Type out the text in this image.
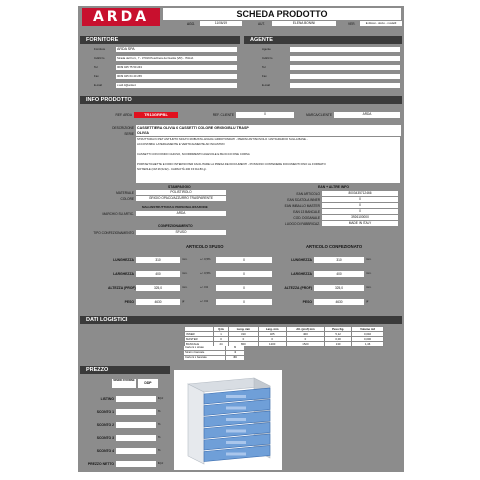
ARDA	SCHEDA PRODOTTO
AGG.	11/06/19	AUT.	ELENA BONINI	VER.	E-Rossi - docto - modelll
FORNITORE
Fornitore	ARDA SPA
Indirizzo	Strada del Fort., 7 - 37019 Peschiera del Garda (VR) - ITALIA
Tel	0039 045 75 50 243
Fax	0039 045 64 40 265
E-mail	c.ard.it@arda.it
AGENTE
Agente
Indirizzo
Tel
Fax
E-mail
INFO PRODOTTO
REF. ARDA	TR13GRPBL	REF. CLIENTE	0	MARCA/CLIENTE	ARDA
DESCRIZIONE CASSETTIERA OLIVIA 6 CASSETTI COLORE GRIGIO/BLU TRASP
SERIE OLIVIA
STRUTTURA IN PET ANTIURTO MOLTO ROBUSTA-ANGOLI ARROTONDATI - PIEDINI ANTISCIVOLO / ANTIGRAFFIO SULLA BASE -
ACCOSTABILI LATERALMENTE E VERTICALMENTE AD INCASTRO
CASSETTI CON FONDO CHIUSO, SCORRIMENTO AGEVOLE E BLOCCO FINE CORSA
PORTAETICHETTE E FORO INTERNO PER FACILITARE LA PRESA DEI DOCUMENTI - POSSONO CONTENERE DOCUMENTI FINO AL FORMATO
NOTARILE (CM 26,5x32) - CAPACITÀ 400 FF DA 80 gr.
STAMPAGGIO
MATERIALE	POLISTIROLO
COLORE	GRIGIO OPACO/AZZURRO TRASPARENTE
MALLINSTRUTTURA E PERSONALIZZAZIONE
MARCHIO SU ARTIC.	ARDA
CONFEZIONAMENTO
TIPO CONFEZIONAMENTO	SFUSO
EAN + ALTRE INFO
EAN ARTICOLO	8003435712466
EAN SCATOLA INNER	0
EAN IMBALLO MASTER	0
EAN 13 BANCALE	0
COD. DOGANALE	3926100000
LUOGO DI FABBRICAZ.	MADE IN ITALY
ARTICOLO SFUSO
LUNGHEZZA	310	mm.	+/- 0,5%	0
LARGHEZZA	400	mm.	+/- 0,5%	0
ALTEZZA (PROF)	325,0	mm.	+/- 1%	0
PESO	4630	gr.	+/- 1%	0
ARTICOLO CONFEZIONATO
LUNGHEZZA	310	mm.
LARGHEZZA	400	mm.
ALTEZZA (PROF)	325,0	mm.
PESO	4630	gr.
DATI LOGISTICI
	Q.tà	Lung. mm	Larg. mm	Alt. (prof) mm	Peso Kg.	Volume m3
INNER	1	310	325	400	5,12	0,040
MASTER	0	0	0	0	0,00	0,000
BANCALE	24	800	1200	1520	130	1,46
Cartoni x strato	6
Strati x bancale	4
Cartoni x bancale	24
PREZZO
MINIMO D'ORDINE
DDP
LISTINO	€/pz
SCONTO 1	%
SCONTO 2	%
SCONTO 3	%
SCONTO 4	%
PREZZO NETTO	€/pz
